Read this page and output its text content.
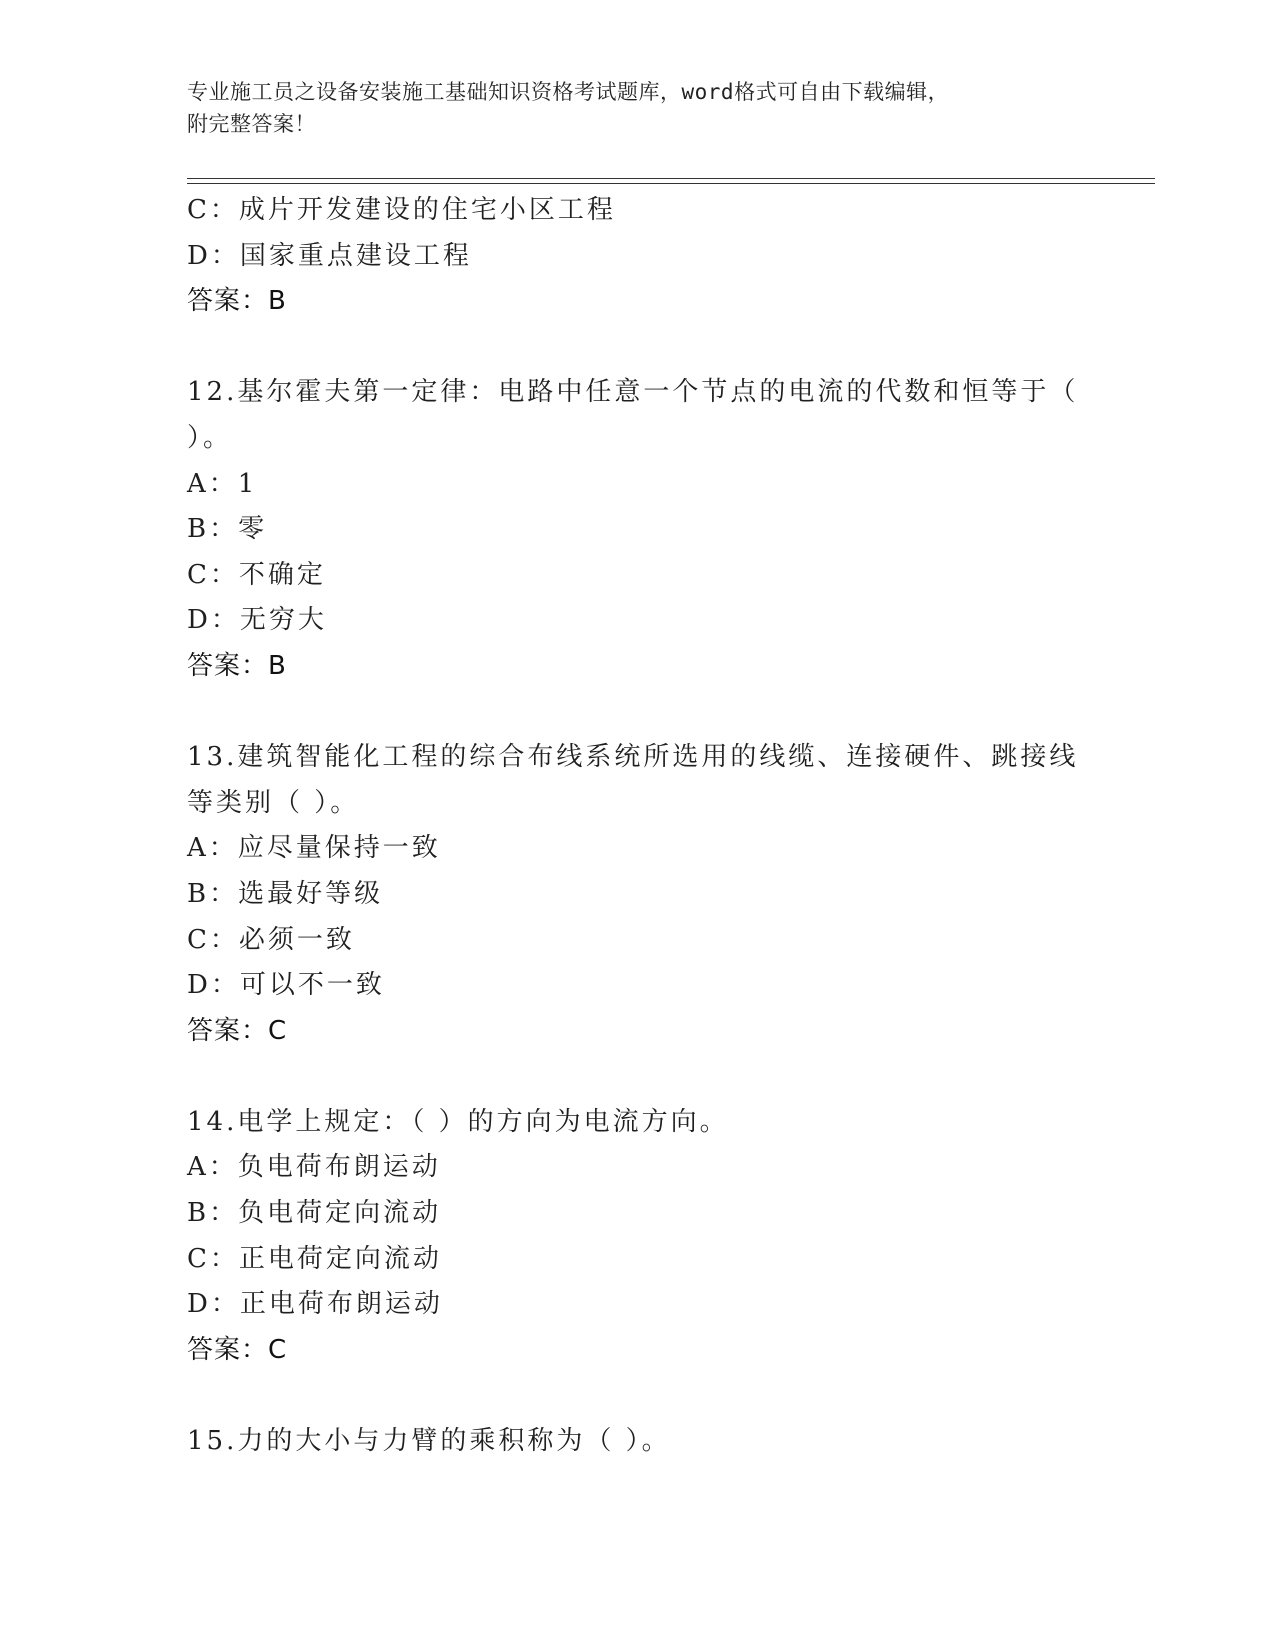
专业施工员之设备安装施工基础知识资格考试题库，word格式可自由下载编辑，
附完整答案！
C：成片开发建设的住宅小区工程
D：国家重点建设工程
答案：B
12.基尔霍夫第一定律：电路中任意一个节点的电流的代数和恒等于（
）。
A：1
B：零
C：不确定
D：无穷大
答案：B
13.建筑智能化工程的综合布线系统所选用的线缆、连接硬件、跳接线
等类别（ ）。
A：应尽量保持一致
B：选最好等级
C：必须一致
D：可以不一致
答案：C
14.电学上规定：（ ）的方向为电流方向。
A：负电荷布朗运动
B：负电荷定向流动
C：正电荷定向流动
D：正电荷布朗运动
答案：C
15.力的大小与力臂的乘积称为（ ）。
